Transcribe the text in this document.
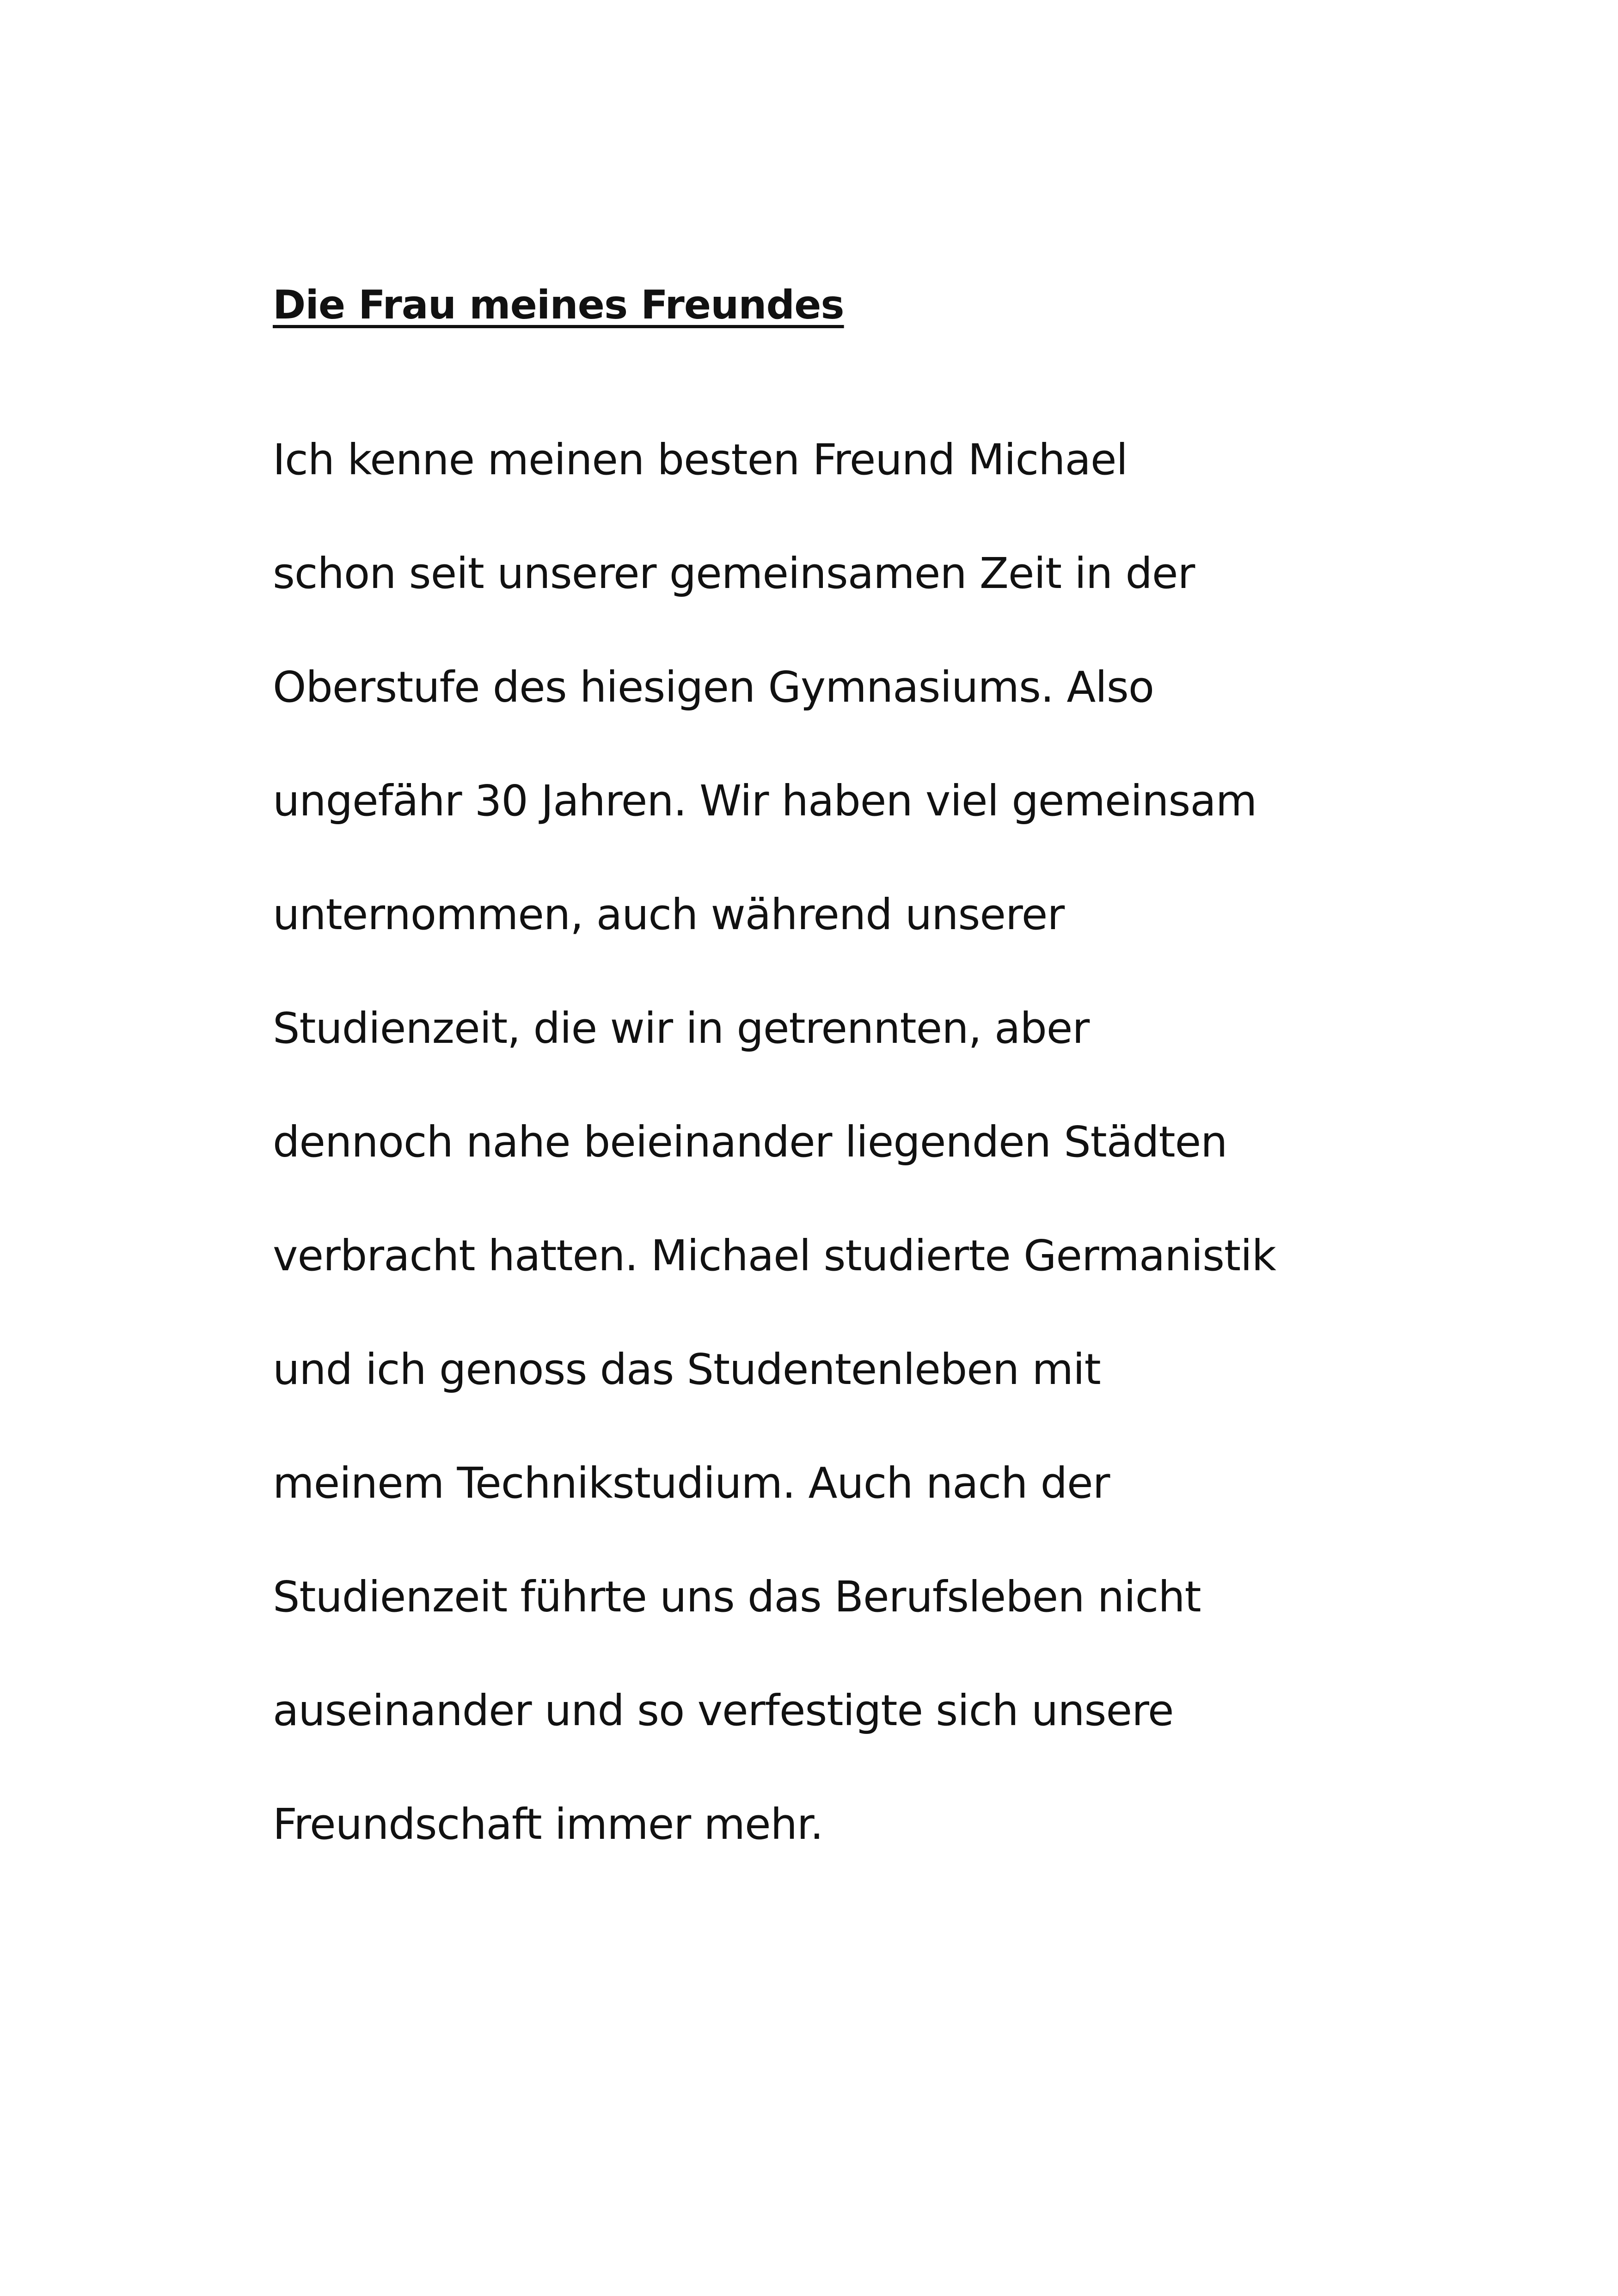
Die Frau meines Freundes
Ich kenne meinen besten Freund Michael
schon seit unserer gemeinsamen Zeit in der
Oberstufe des hiesigen Gymnasiums. Also
ungefähr 30 Jahren. Wir haben viel gemeinsam
unternommen, auch während unserer
Studienzeit, die wir in getrennten, aber
dennoch nahe beieinander liegenden Städten
verbracht hatten. Michael studierte Germanistik
und ich genoss das Studentenleben mit
meinem Technikstudium. Auch nach der
Studienzeit führte uns das Berufsleben nicht
auseinander und so verfestigte sich unsere
Freundschaft immer mehr.
